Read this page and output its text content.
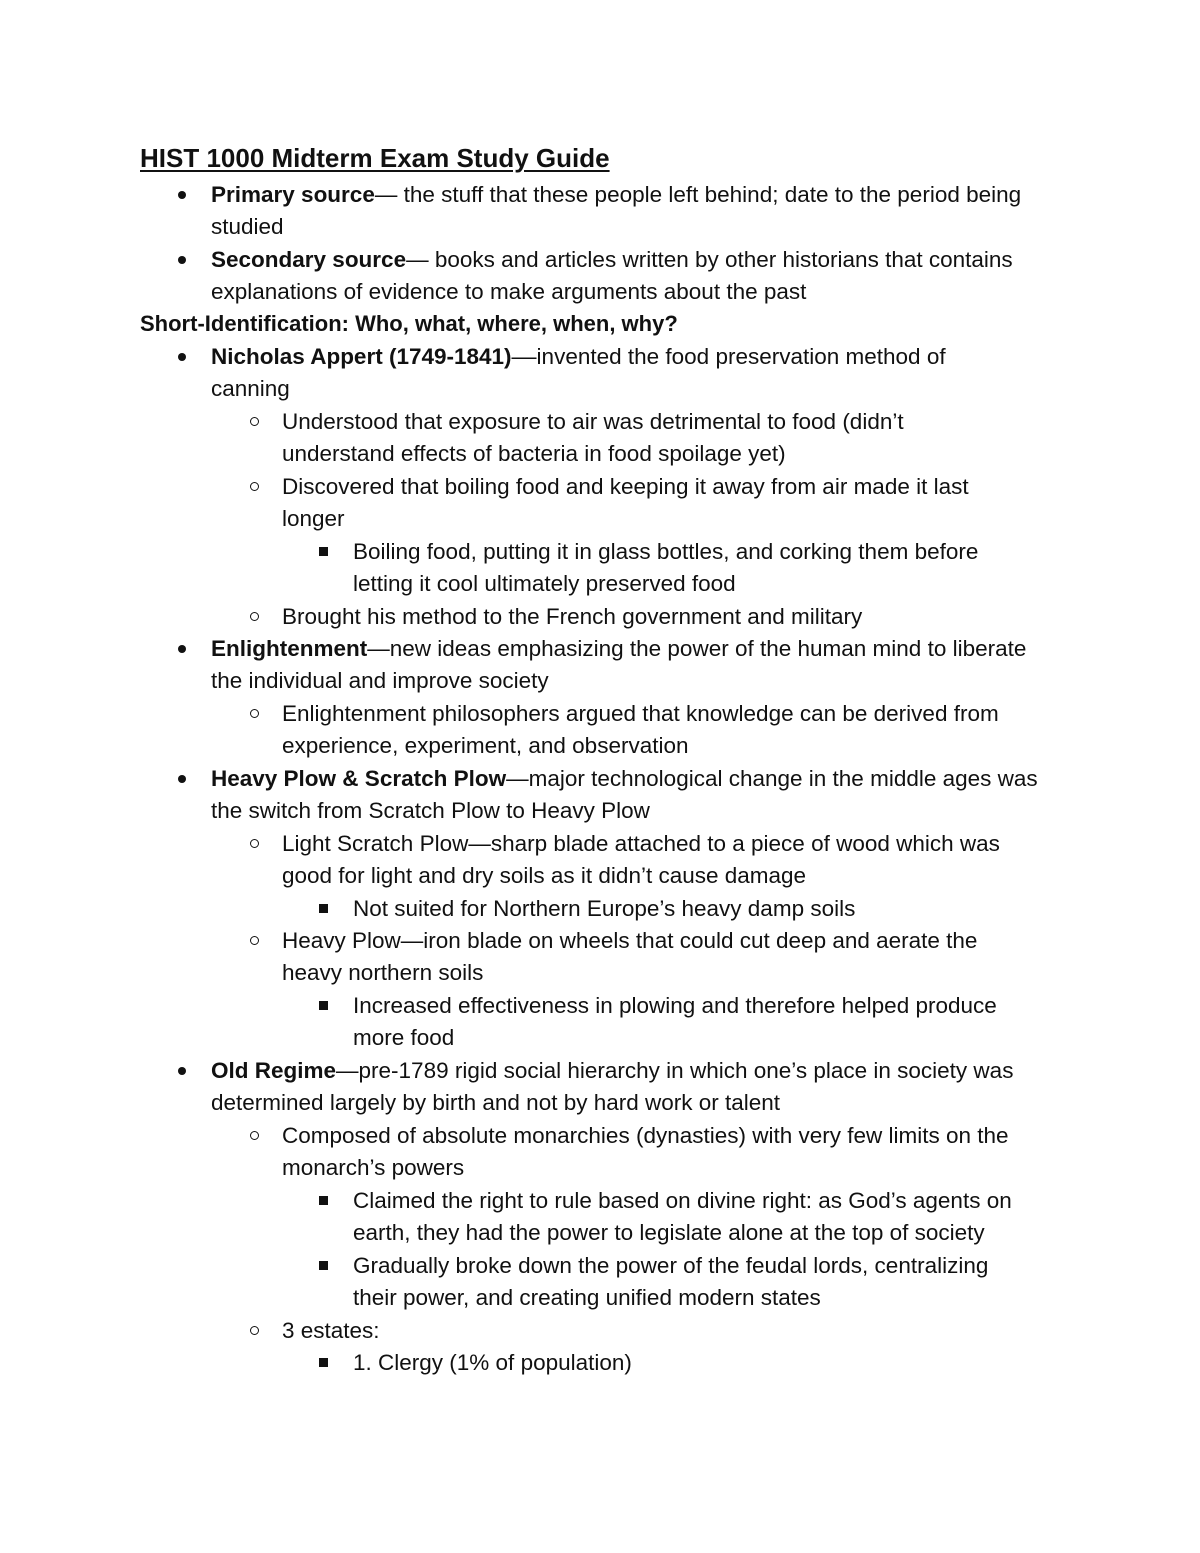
HIST 1000 Midterm Exam Study Guide
Primary source— the stuff that these people left behind; date to the period being
studied
Secondary source— books and articles written by other historians that contains
explanations of evidence to make arguments about the past
Short-Identification: Who, what, where, when, why?
Nicholas Appert (1749-1841)––invented the food preservation method of
canning
Understood that exposure to air was detrimental to food (didn’t
understand effects of bacteria in food spoilage yet)
Discovered that boiling food and keeping it away from air made it last
longer
Boiling food, putting it in glass bottles, and corking them before
letting it cool ultimately preserved food
Brought his method to the French government and military
Enlightenment—new ideas emphasizing the power of the human mind to liberate
the individual and improve society
Enlightenment philosophers argued that knowledge can be derived from
experience, experiment, and observation
Heavy Plow & Scratch Plow—major technological change in the middle ages was
the switch from Scratch Plow to Heavy Plow
Light Scratch Plow—sharp blade attached to a piece of wood which was
good for light and dry soils as it didn’t cause damage
Not suited for Northern Europe’s heavy damp soils
Heavy Plow—iron blade on wheels that could cut deep and aerate the
heavy northern soils
Increased effectiveness in plowing and therefore helped produce
more food
Old Regime—pre-1789 rigid social hierarchy in which one’s place in society was
determined largely by birth and not by hard work or talent
Composed of absolute monarchies (dynasties) with very few limits on the
monarch’s powers
Claimed the right to rule based on divine right: as God’s agents on
earth, they had the power to legislate alone at the top of society
Gradually broke down the power of the feudal lords, centralizing
their power, and creating unified modern states
3 estates:
1. Clergy (1% of population)
